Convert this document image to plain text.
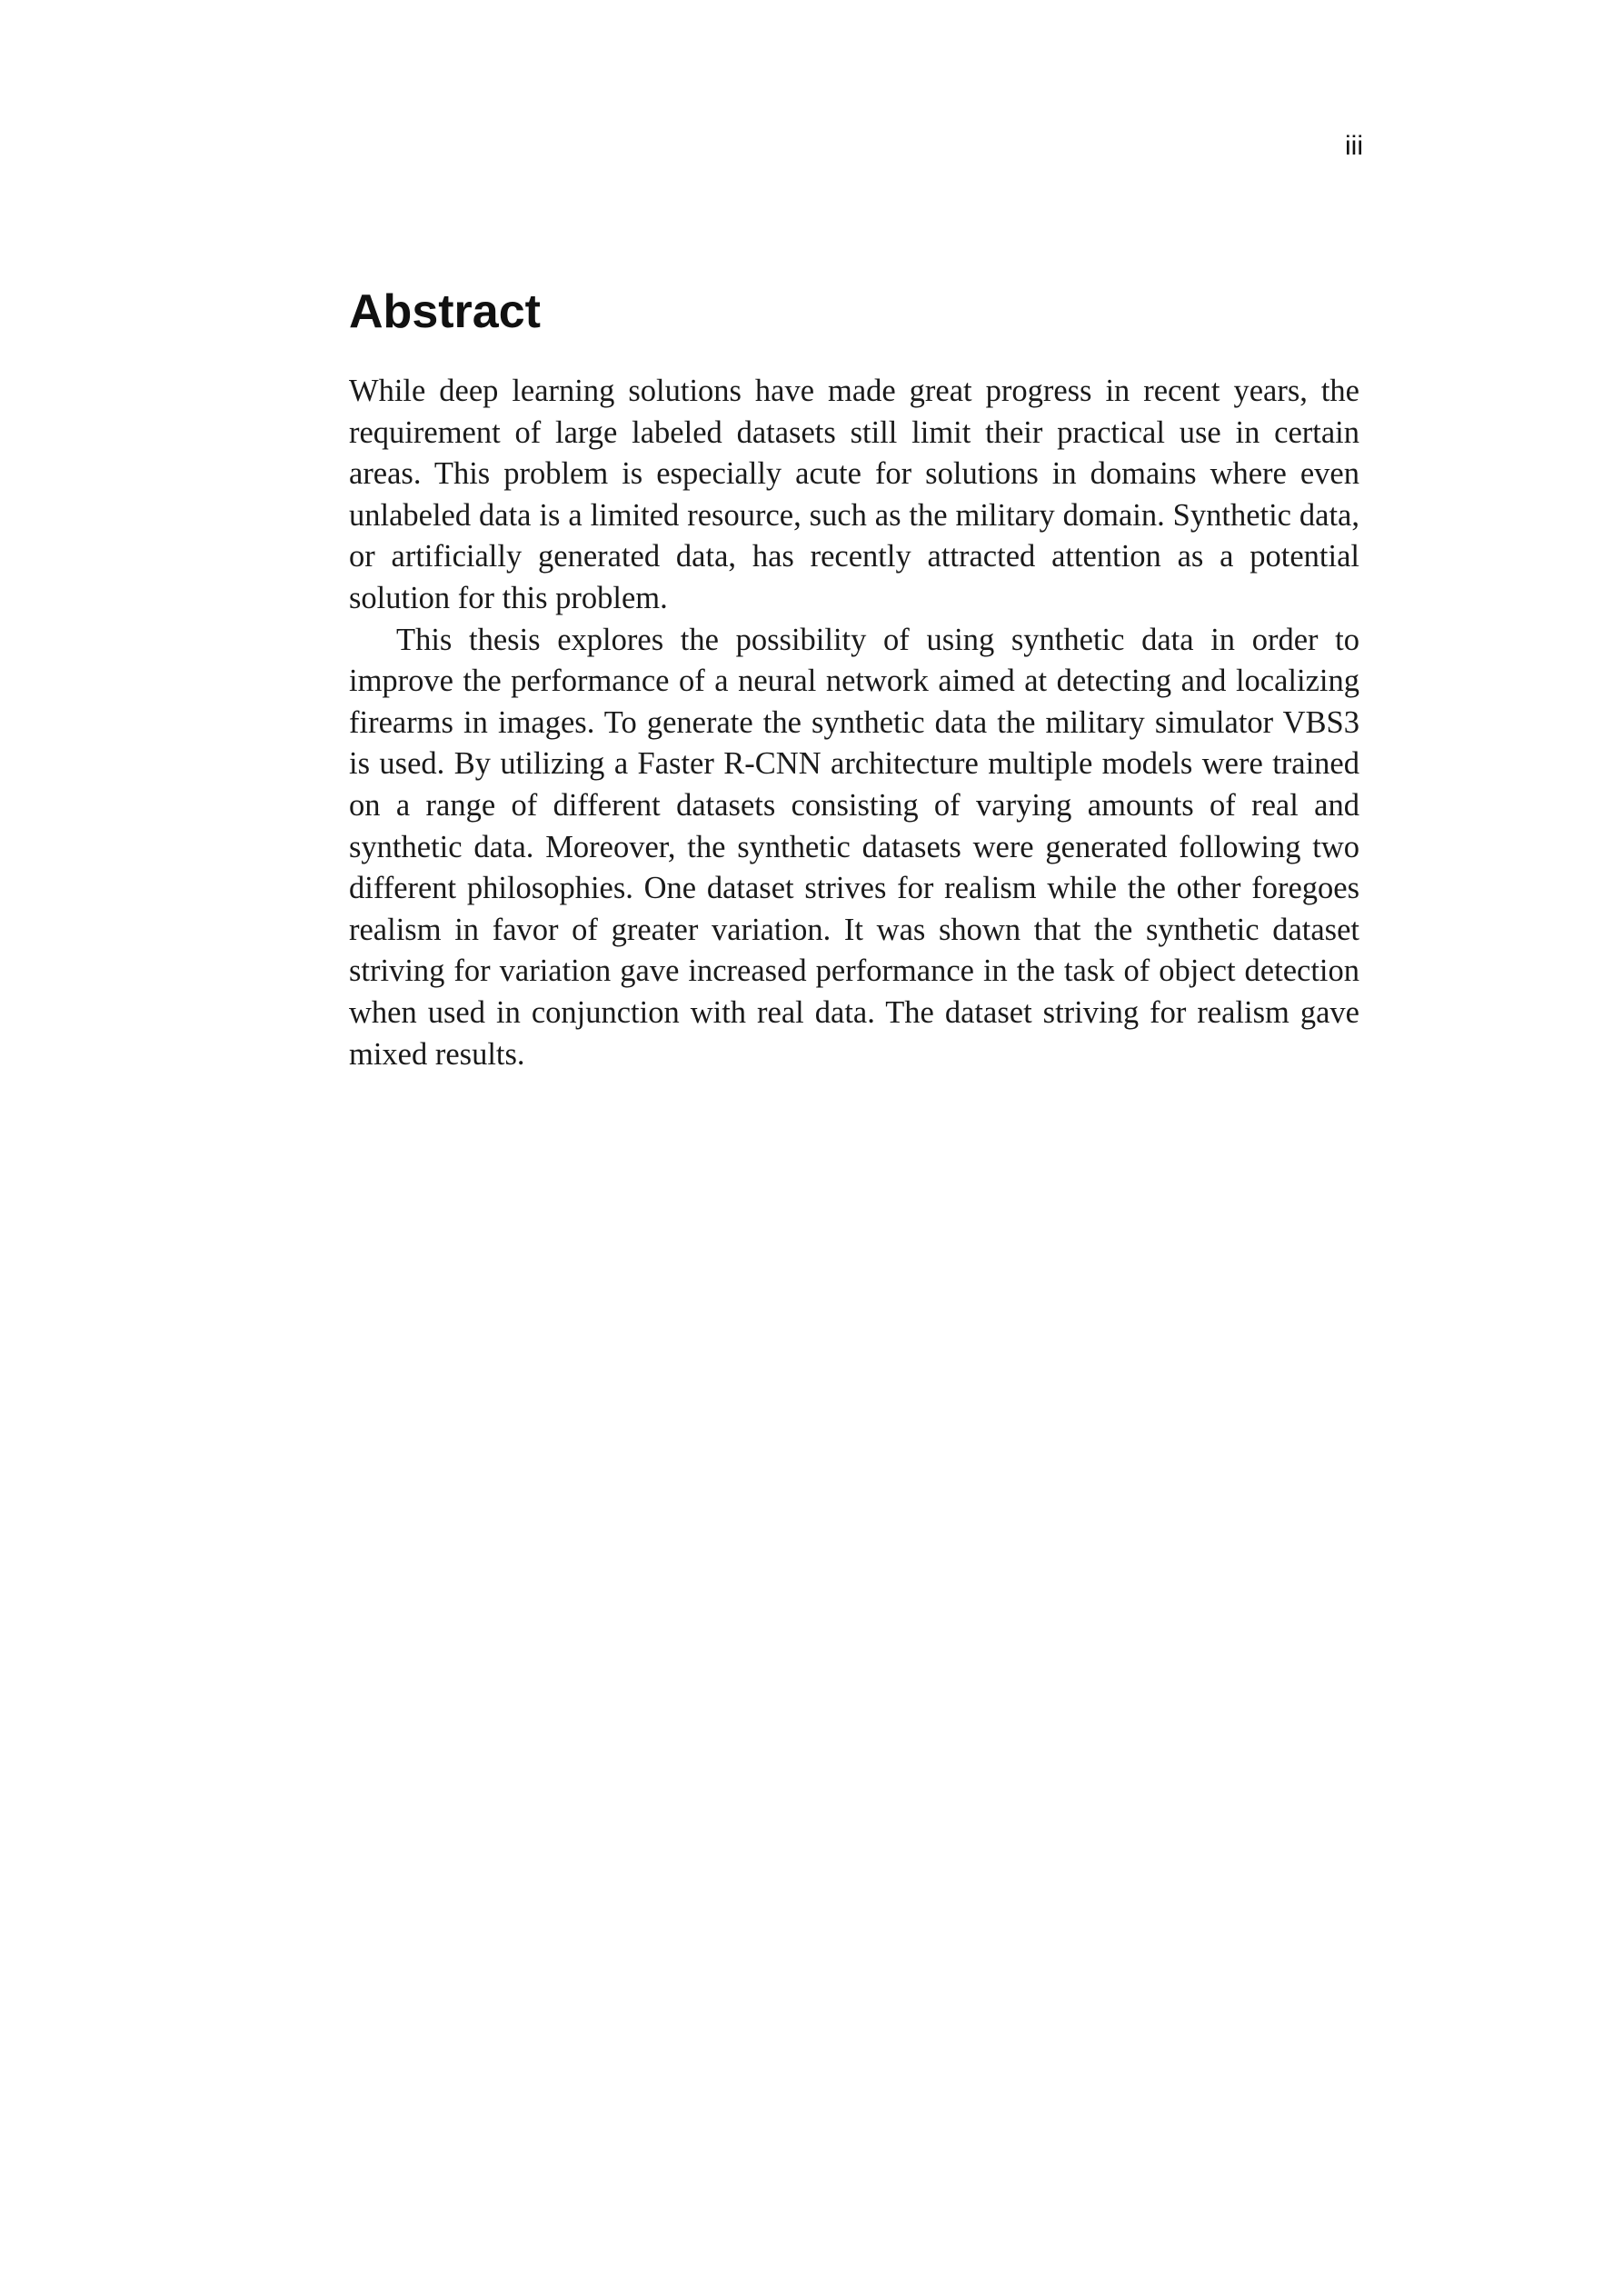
iii
Abstract

While deep learning solutions have made great progress in recent years, the requirement of large labeled datasets still limit their practical use in certain areas. This problem is especially acute for solutions in domains where even unlabeled data is a limited resource, such as the military domain. Synthetic data, or artificially generated data, has recently attracted attention as a potential solution for this problem.

This thesis explores the possibility of using synthetic data in order to improve the performance of a neural network aimed at detecting and localizing firearms in images. To generate the synthetic data the military simulator VBS3 is used. By utilizing a Faster R-CNN architecture multiple models were trained on a range of different datasets consisting of varying amounts of real and synthetic data. Moreover, the synthetic datasets were generated following two different philosophies. One dataset strives for realism while the other foregoes realism in favor of greater variation. It was shown that the synthetic dataset striving for variation gave increased performance in the task of object detection when used in conjunction with real data. The dataset striving for realism gave mixed results.
